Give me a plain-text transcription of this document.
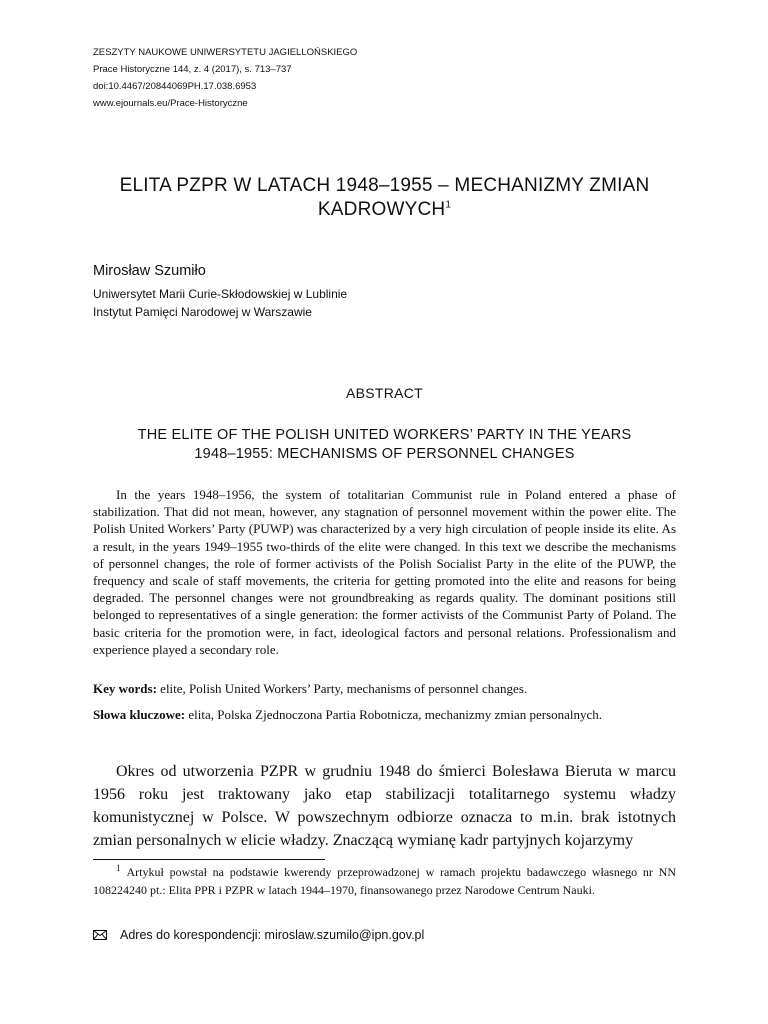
ZESZYTY NAUKOWE UNIWERSYTETU JAGIELLOŃSKIEGO
Prace Historyczne 144, z. 4 (2017), s. 713–737
doi:10.4467/20844069PH.17.038.6953
www.ejournals.eu/Prace-Historyczne
ELITA PZPR W LATACH 1948–1955 – MECHANIZMY ZMIAN
KADROWYCH$^1$
Mirosław Szumiło
Uniwersytet Marii Curie-Skłodowskiej w Lublinie
Instytut Pamięci Narodowej w Warszawie
ABSTRACT
THE ELITE OF THE POLISH UNITED WORKERS’ PARTY IN THE YEARS
1948–1955: MECHANISMS OF PERSONNEL CHANGES

In the years 1948–1956, the system of totalitarian Communist rule in Poland entered a phase of stabilization. That did not mean, however, any stagnation of personnel movement within the power elite. The Polish United Workers’ Party (PUWP) was characterized by a very high circulation of people inside its elite. As a result, in the years 1949–1955 two-thirds of the elite were changed. In this text we describe the mechanisms of personnel changes, the role of former activists of the Polish Socialist Party in the elite of the PUWP, the frequency and scale of staff movements, the criteria for getting promoted into the elite and reasons for being degraded. The personnel changes were not groundbreaking as regards quality. The dominant positions still belonged to representatives of a single generation: the former activists of the Communist Party of Poland. The basic criteria for the promotion were, in fact, ideological factors and personal relations. Professionalism and experience played a secondary role.

Key words: elite, Polish United Workers’ Party, mechanisms of personnel changes.
Słowa kluczowe: elita, Polska Zjednoczona Partia Robotnicza, mechanizmy zmian personalnych.

Okres od utworzenia PZPR w grudniu 1948 do śmierci Bolesława Bieruta w marcu 1956 roku jest traktowany jako etap stabilizacji totalitarnego systemu władzy komunistycznej w Polsce. W powszechnym odbiorze oznacza to m.in. brak istotnych zmian personalnych w elicie władzy. Znaczącą wymianę kadr partyjnych kojarzymy

$^1$ Artykuł powstał na podstawie kwerendy przeprowadzonej w ramach projektu badawczego własnego nr NN 108224240 pt.: Elita PPR i PZPR w latach 1944–1970, finansowanego przez Narodowe Centrum Nauki.

Adres do korespondencji: miroslaw.szumilo@ipn.gov.pl
